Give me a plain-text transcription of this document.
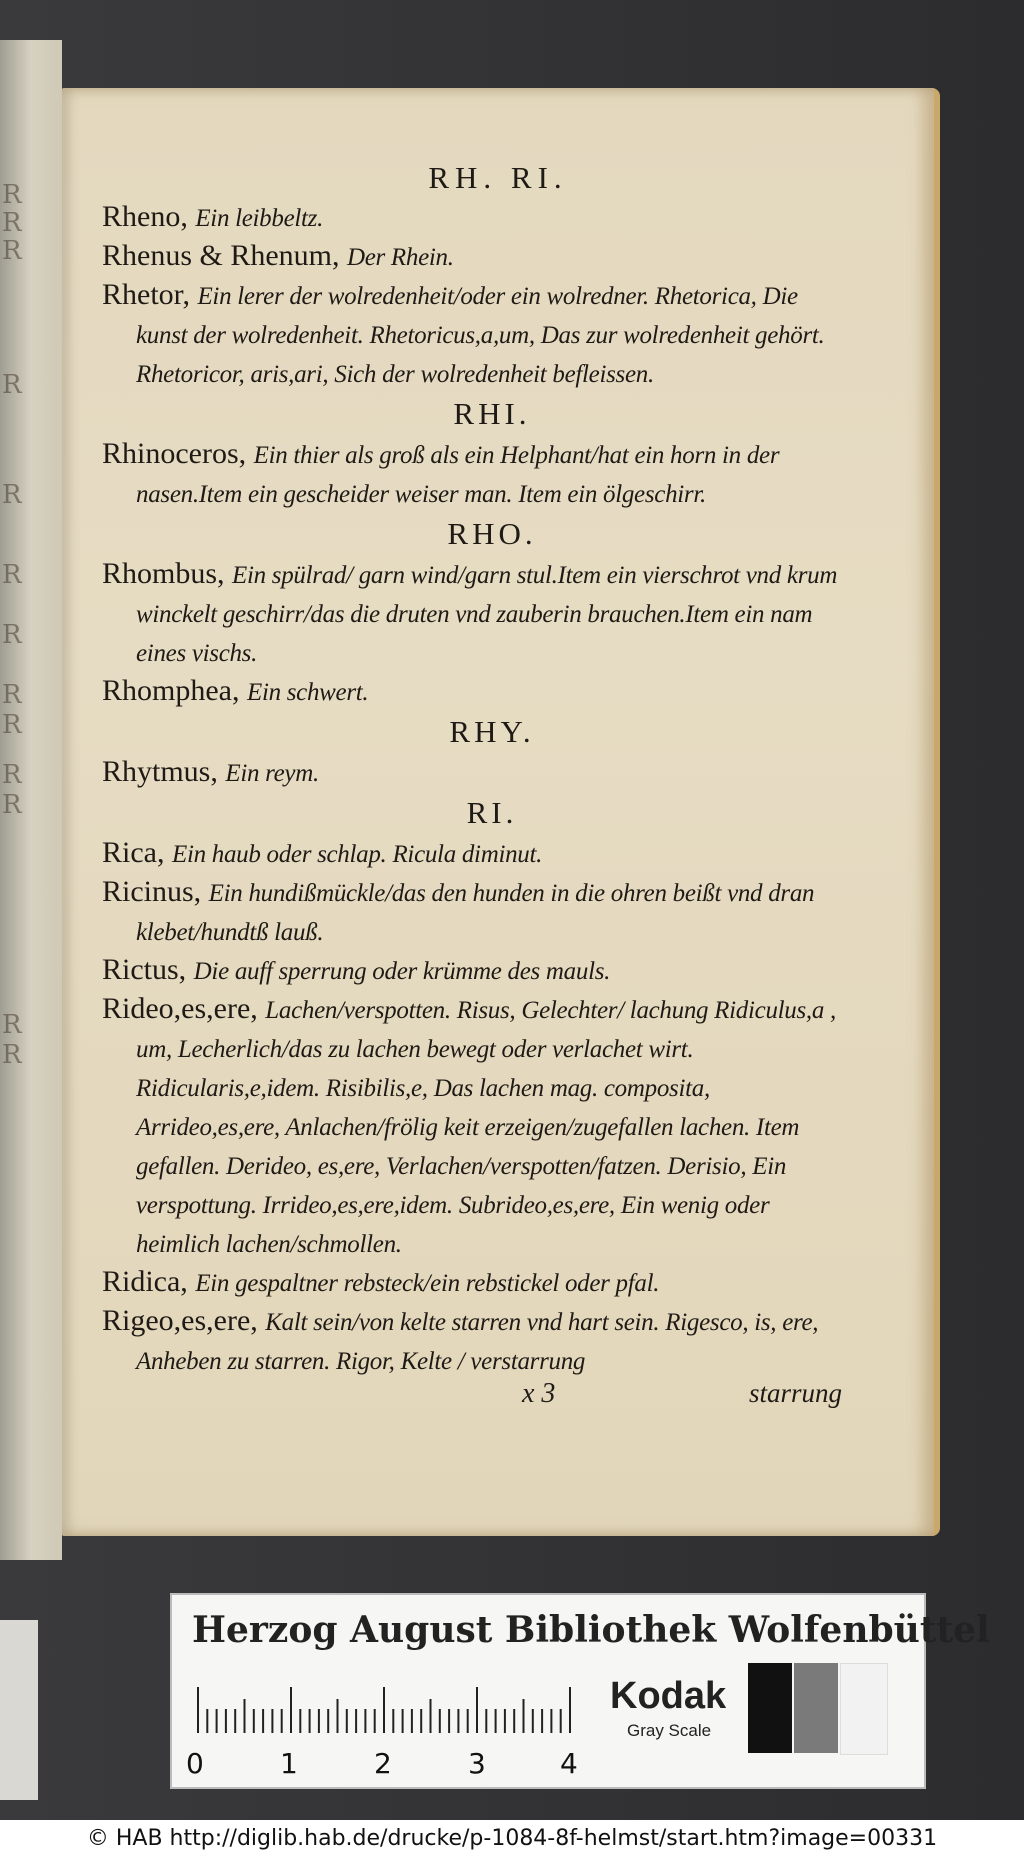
R
R
R
R
R
R
R
R
R
R
R
R
R
RH. RI.

Rheno, Ein leibbeltz.

Rhenus & Rhenum, Der Rhein.

Rhetor, Ein lerer der wolredenheit/oder ein wolredner. Rhetorica, Die kunst der wolredenheit. Rhetoricus,a,um, Das zur wolredenheit gehört. Rhetoricor, aris,ari, Sich der wolredenheit befleissen.

RHI.

Rhinoceros, Ein thier als groß als ein Helphant/hat ein horn in der nasen.Item ein gescheider weiser man. Item ein ölgeschirr.

RHO.

Rhombus, Ein spülrad/ garn wind/garn stul.Item ein vierschrot vnd krum winckelt geschirr/das die druten vnd zauberin brauchen.Item ein nam eines vischs.

Rhomphea, Ein schwert.

RHY.

Rhytmus, Ein reym.

RI.

Rica, Ein haub oder schlap. Ricula diminut.

Ricinus, Ein hundißmückle/das den hunden in die ohren beißt vnd dran klebet/hundtß lauß.

Rictus, Die auff sperrung oder krümme des mauls.

Rideo,es,ere, Lachen/verspotten. Risus, Gelechter/ lachung Ridiculus,a , um, Lecherlich/das zu lachen bewegt oder verlachet wirt. Ridicularis,e,idem. Risibilis,e, Das lachen mag. composita, Arrideo,es,ere, Anlachen/frölig keit erzeigen/zugefallen lachen. Item gefallen. Derideo, es,ere, Verlachen/verspotten/fatzen. Derisio, Ein verspottung. Irrideo,es,ere,idem. Subrideo,es,ere, Ein wenig oder heimlich lachen/schmollen.

Ridica, Ein gespaltner rebsteck/ein rebstickel oder pfal.

Rigeo,es,ere, Kalt sein/von kelte starren vnd hart sein. Rigesco, is, ere, Anheben zu starren. Rigor, Kelte / verstarrung

x 3	starrung
Herzog August Bibliothek Wolfenbüttel
0	1	2	3	4
Kodak
Gray Scale
© HAB http://diglib.hab.de/drucke/p-1084-8f-helmst/start.htm?image=00331
